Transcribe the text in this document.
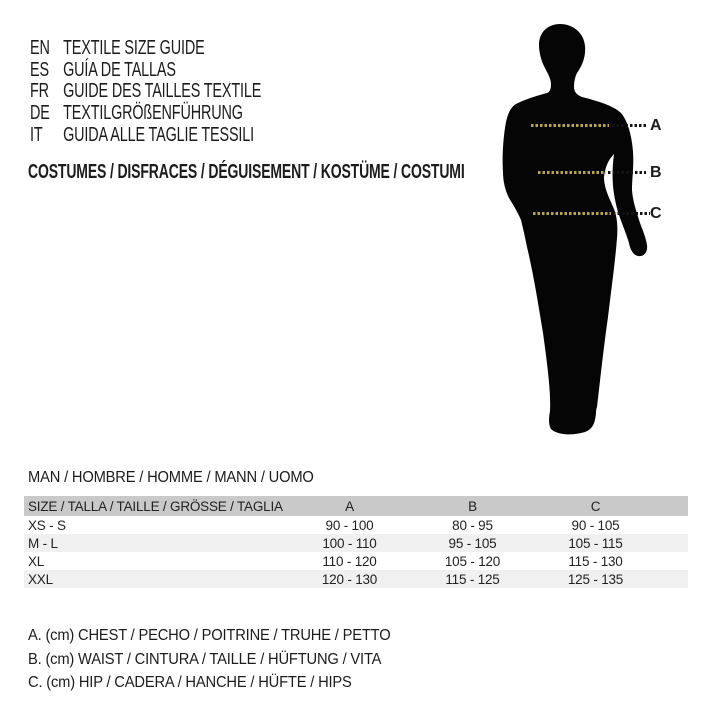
EN TEXTILE SIZE GUIDE
ES GUÍA DE TALLAS
FR GUIDE DES TAILLES TEXTILE
DE TEXTILGRÖßENFÜHRUNG
IT GUIDA ALLE TAGLIE TESSILI
COSTUMES / DISFRACES / DÉGUISEMENT / KOSTÜME / COSTUMI
A
B
C
MAN / HOMBRE / HOMME / MANN / UOMO
SIZE / TALLA / TAILLE / GRÖSSE / TAGLIA	A	B	C	
XS - S	90 - 100	80 - 95	90 - 105	
M - L	100 - 110	95 - 105	105 - 115	
XL	110 - 120	105 - 120	115 - 130	
XXL	120 - 130	115 - 125	125 - 135	
A. (cm) CHEST / PECHO / POITRINE / TRUHE / PETTO
B. (cm) WAIST / CINTURA / TAILLE / HÜFTUNG / VITA
C. (cm) HIP / CADERA / HANCHE / HÜFTE / HIPS
